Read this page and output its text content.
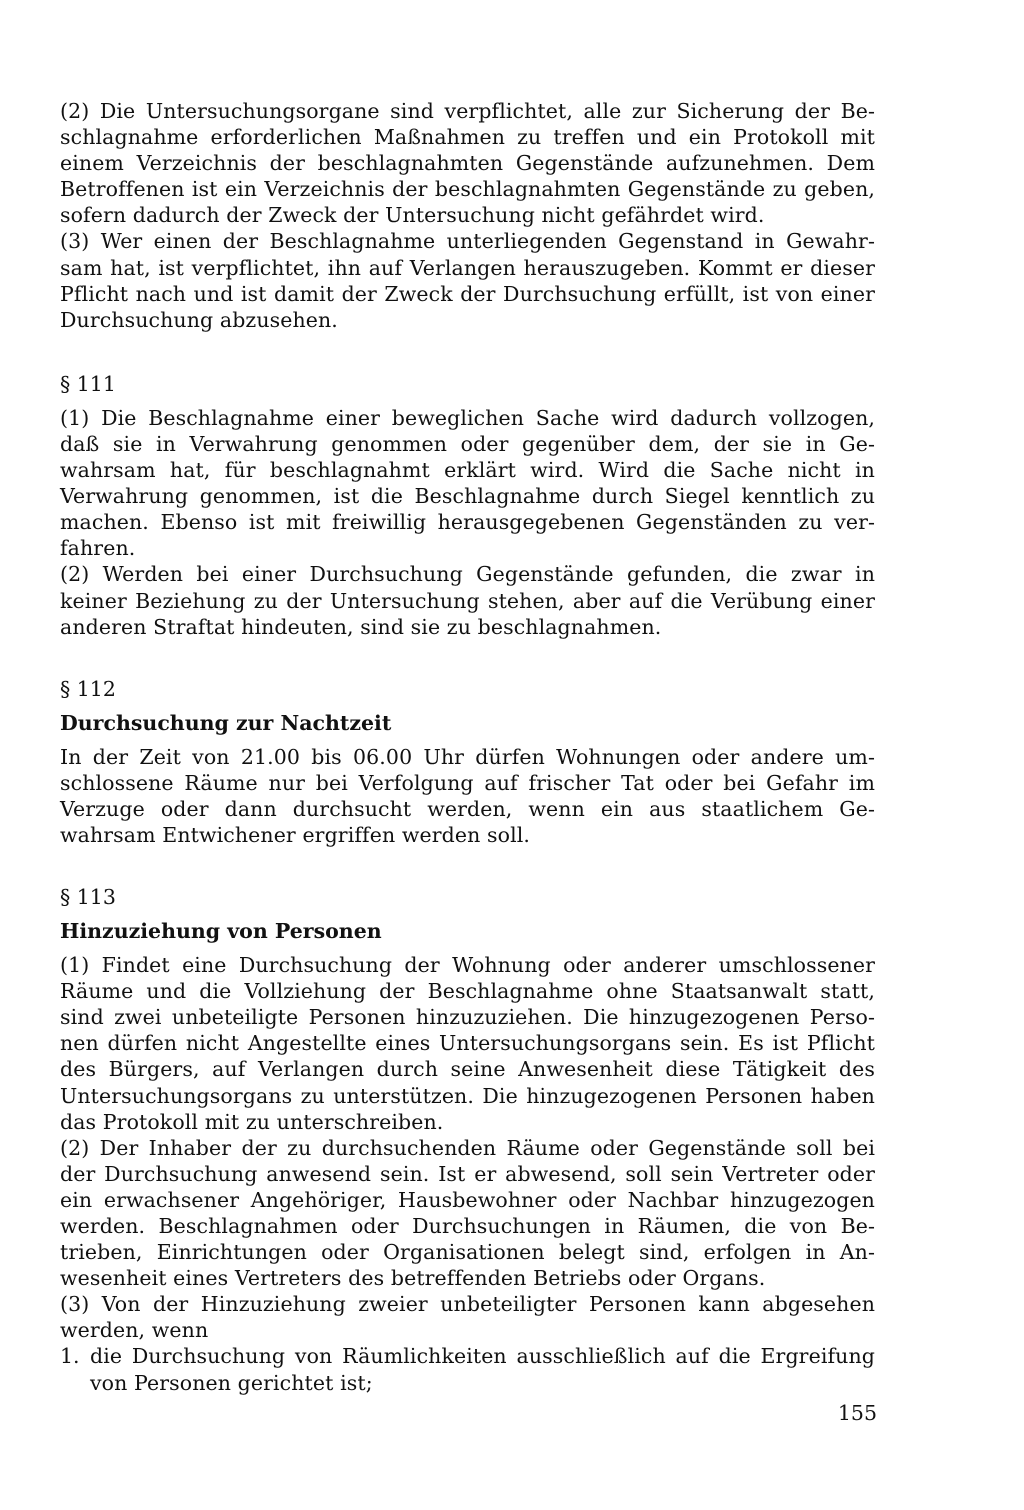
(2) Die Untersuchungsorgane sind verpflichtet, alle zur Sicherung der Be-
schlagnahme erforderlichen Maßnahmen zu treffen und ein Protokoll mit
einem Verzeichnis der beschlagnahmten Gegenstände aufzunehmen. Dem
Betroffenen ist ein Verzeichnis der beschlagnahmten Gegenstände zu geben,
sofern dadurch der Zweck der Untersuchung nicht gefährdet wird.
(3) Wer einen der Beschlagnahme unterliegenden Gegenstand in Gewahr-
sam hat, ist verpflichtet, ihn auf Verlangen herauszugeben. Kommt er dieser
Pflicht nach und ist damit der Zweck der Durchsuchung erfüllt, ist von einer
Durchsuchung abzusehen.
§ 111
(1) Die Beschlagnahme einer beweglichen Sache wird dadurch vollzogen,
daß sie in Verwahrung genommen oder gegenüber dem, der sie in Ge-
wahrsam hat, für beschlagnahmt erklärt wird. Wird die Sache nicht in
Verwahrung genommen, ist die Beschlagnahme durch Siegel kenntlich zu
machen. Ebenso ist mit freiwillig herausgegebenen Gegenständen zu ver-
fahren.
(2) Werden bei einer Durchsuchung Gegenstände gefunden, die zwar in
keiner Beziehung zu der Untersuchung stehen, aber auf die Verübung einer
anderen Straftat hindeuten, sind sie zu beschlagnahmen.
§ 112
Durchsuchung zur Nachtzeit
In der Zeit von 21.00 bis 06.00 Uhr dürfen Wohnungen oder andere um-
schlossene Räume nur bei Verfolgung auf frischer Tat oder bei Gefahr im
Verzuge oder dann durchsucht werden, wenn ein aus staatlichem Ge-
wahrsam Entwichener ergriffen werden soll.
§ 113
Hinzuziehung von Personen
(1) Findet eine Durchsuchung der Wohnung oder anderer umschlossener
Räume und die Vollziehung der Beschlagnahme ohne Staatsanwalt statt,
sind zwei unbeteiligte Personen hinzuzuziehen. Die hinzugezogenen Perso-
nen dürfen nicht Angestellte eines Untersuchungsorgans sein. Es ist Pflicht
des Bürgers, auf Verlangen durch seine Anwesenheit diese Tätigkeit des
Untersuchungsorgans zu unterstützen. Die hinzugezogenen Personen haben
das Protokoll mit zu unterschreiben.
(2) Der Inhaber der zu durchsuchenden Räume oder Gegenstände soll bei
der Durchsuchung anwesend sein. Ist er abwesend, soll sein Vertreter oder
ein erwachsener Angehöriger, Hausbewohner oder Nachbar hinzugezogen
werden. Beschlagnahmen oder Durchsuchungen in Räumen, die von Be-
trieben, Einrichtungen oder Organisationen belegt sind, erfolgen in An-
wesenheit eines Vertreters des betreffenden Betriebs oder Organs.
(3) Von der Hinzuziehung zweier unbeteiligter Personen kann abgesehen
werden, wenn
1. die Durchsuchung von Räumlichkeiten ausschließlich auf die Ergreifung
von Personen gerichtet ist;
155
